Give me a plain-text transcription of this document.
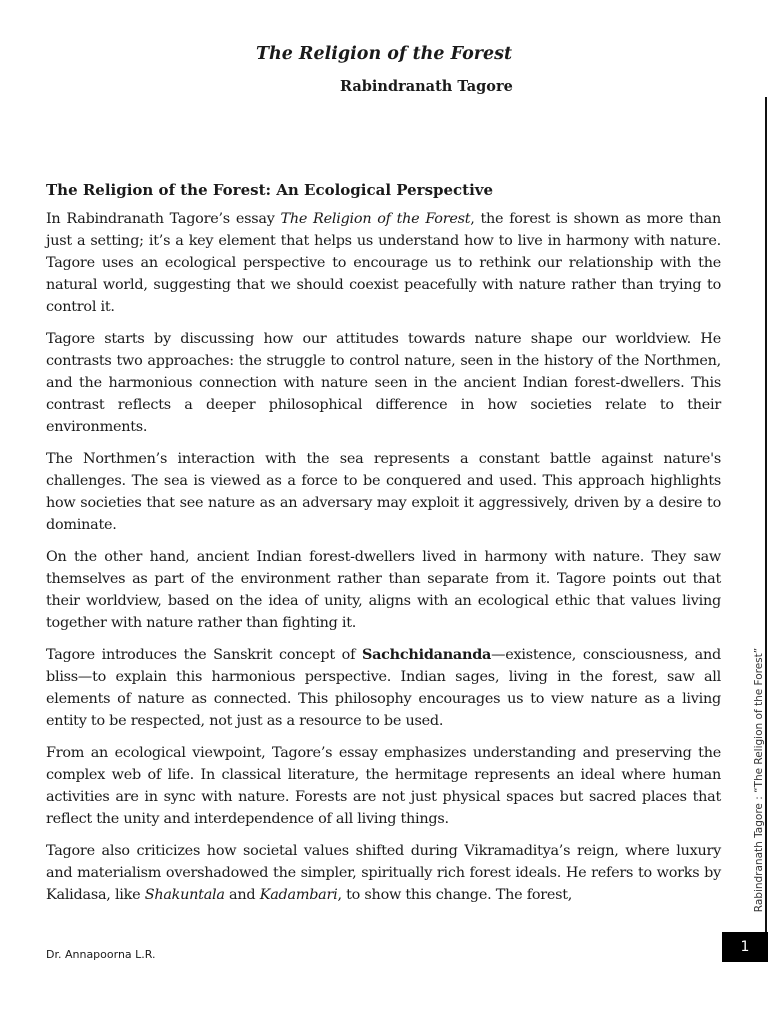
The Religion of the Forest
Rabindranath Tagore
Rabindranath Tagore : “The Religion of the Forest”
1
The Religion of the Forest: An Ecological Perspective

In Rabindranath Tagore’s essay The Religion of the Forest, the forest is shown as more than just a setting; it’s a key element that helps us understand how to live in harmony with nature. Tagore uses an ecological perspective to encourage us to rethink our relationship with the natural world, suggesting that we should coexist peacefully with nature rather than trying to control it.

Tagore starts by discussing how our attitudes towards nature shape our worldview. He contrasts two approaches: the struggle to control nature, seen in the history of the Northmen, and the harmonious connection with nature seen in the ancient Indian forest-dwellers. This contrast reflects a deeper philosophical difference in how societies relate to their environments.

The Northmen’s interaction with the sea represents a constant battle against nature's challenges. The sea is viewed as a force to be conquered and used. This approach highlights how societies that see nature as an adversary may exploit it aggressively, driven by a desire to dominate.

On the other hand, ancient Indian forest-dwellers lived in harmony with nature. They saw themselves as part of the environment rather than separate from it. Tagore points out that their worldview, based on the idea of unity, aligns with an ecological ethic that values living together with nature rather than fighting it.

Tagore introduces the Sanskrit concept of Sachchidananda—existence, consciousness, and bliss—to explain this harmonious perspective. Indian sages, living in the forest, saw all elements of nature as connected. This philosophy encourages us to view nature as a living entity to be respected, not just as a resource to be used.

From an ecological viewpoint, Tagore’s essay emphasizes understanding and preserving the complex web of life. In classical literature, the hermitage represents an ideal where human activities are in sync with nature. Forests are not just physical spaces but sacred places that reflect the unity and interdependence of all living things.

Tagore also criticizes how societal values shifted during Vikramaditya’s reign, where luxury and materialism overshadowed the simpler, spiritually rich forest ideals. He refers to works by Kalidasa, like Shakuntala and Kadambari, to show this change. The forest,

Dr. Annapoorna L.R.
